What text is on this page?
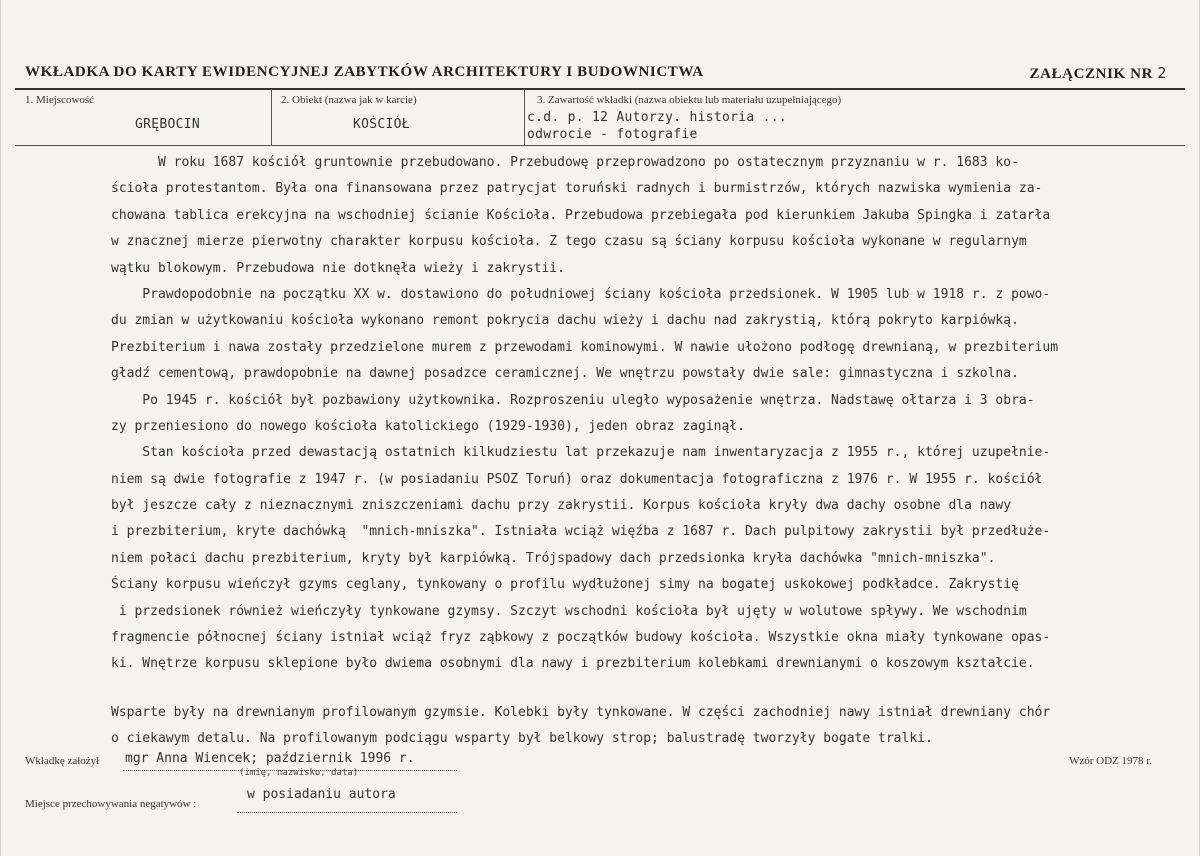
WKŁADKA DO KARTY EWIDENCYJNEJ ZABYTKÓW ARCHITEKTURY I BUDOWNICTWA	ZAŁĄCZNIK NR 2
1. Miejscowość
GRĘBOCIN
2. Obiekt (nazwa jak w karcie)
KOŚCIÓŁ
3. Zawartość wkładki (nazwa obiektu lub materiału uzupełniającego)
c.d. p. 12 Autorzy. historia ...
odwrocie - fotografie
W roku 1687 kościół gruntownie przebudowano. Przebudowę przeprowadzono po ostatecznym przyznaniu w r. 1683 ko-
ścioła protestantom. Była ona finansowana przez patrycjat toruński radnych i burmistrzów, których nazwiska wymienia za-
chowana tablica erekcyjna na wschodniej ścianie Kościoła. Przebudowa przebiegała pod kierunkiem Jakuba Spingka i zatarła
w znacznej mierze pierwotny charakter korpusu kościoła. Z tego czasu są ściany korpusu kościoła wykonane w regularnym
wątku blokowym. Przebudowa nie dotknęła wieży i zakrystii.
Prawdopodobnie na początku XX w. dostawiono do południowej ściany kościoła przedsionek. W 1905 lub w 1918 r. z powo-
du zmian w użytkowaniu kościoła wykonano remont pokrycia dachu wieży i dachu nad zakrystią, którą pokryto karpiówką.
Prezbiterium i nawa zostały przedzielone murem z przewodami kominowymi. W nawie ułożono podłogę drewnianą, w prezbiterium
gładź cementową, prawdopobnie na dawnej posadzce ceramicznej. We wnętrzu powstały dwie sale: gimnastyczna i szkolna.
Po 1945 r. kościół był pozbawiony użytkownika. Rozproszeniu uległo wyposażenie wnętrza. Nadstawę ołtarza i 3 obra-
zy przeniesiono do nowego kościoła katolickiego (1929-1930), jeden obraz zaginął.
Stan kościoła przed dewastacją ostatnich kilkudziestu lat przekazuje nam inwentaryzacja z 1955 r., której uzupełnie-
niem są dwie fotografie z 1947 r. (w posiadaniu PSOZ Toruń) oraz dokumentacja fotograficzna z 1976 r. W 1955 r. kościół
był jeszcze cały z nieznacznymi zniszczeniami dachu przy zakrystii. Korpus kościoła kryły dwa dachy osobne dla nawy
i prezbiterium, kryte dachówką  "mnich-mniszka". Istniała wciąż więźba z 1687 r. Dach pulpitowy zakrystii był przedłuże-
niem połaci dachu prezbiterium, kryty był karpiówką. Trójspadowy dach przedsionka kryła dachówka "mnich-mniszka".
Ściany korpusu wieńczył gzyms ceglany, tynkowany o profilu wydłużonej simy na bogatej uskokowej podkładce. Zakrystię
i przedsionek również wieńczyły tynkowane gzymsy. Szczyt wschodni kościoła był ujęty w wolutowe spływy. We wschodnim
fragmencie północnej ściany istniał wciąż fryz ząbkowy z początków budowy kościoła. Wszystkie okna miały tynkowane opas-
ki. Wnętrze korpusu sklepione było dwiema osobnymi dla nawy i prezbiterium kolebkami drewnianymi o koszowym kształcie.
Wsparte były na drewnianym profilowanym gzymsie. Kolebki były tynkowane. W części zachodniej nawy istniał drewniany chór
o ciekawym detalu. Na profilowanym podciągu wsparty był belkowy strop; balustradę tworzyły bogate tralki.
Wkładkę założył mgr Anna Wiencek; październik 1996 r.
(imię, nazwisko, data)
Wzór ODZ 1978 r.
Miejsce przechowywania negatywów :
w posiadaniu autora
